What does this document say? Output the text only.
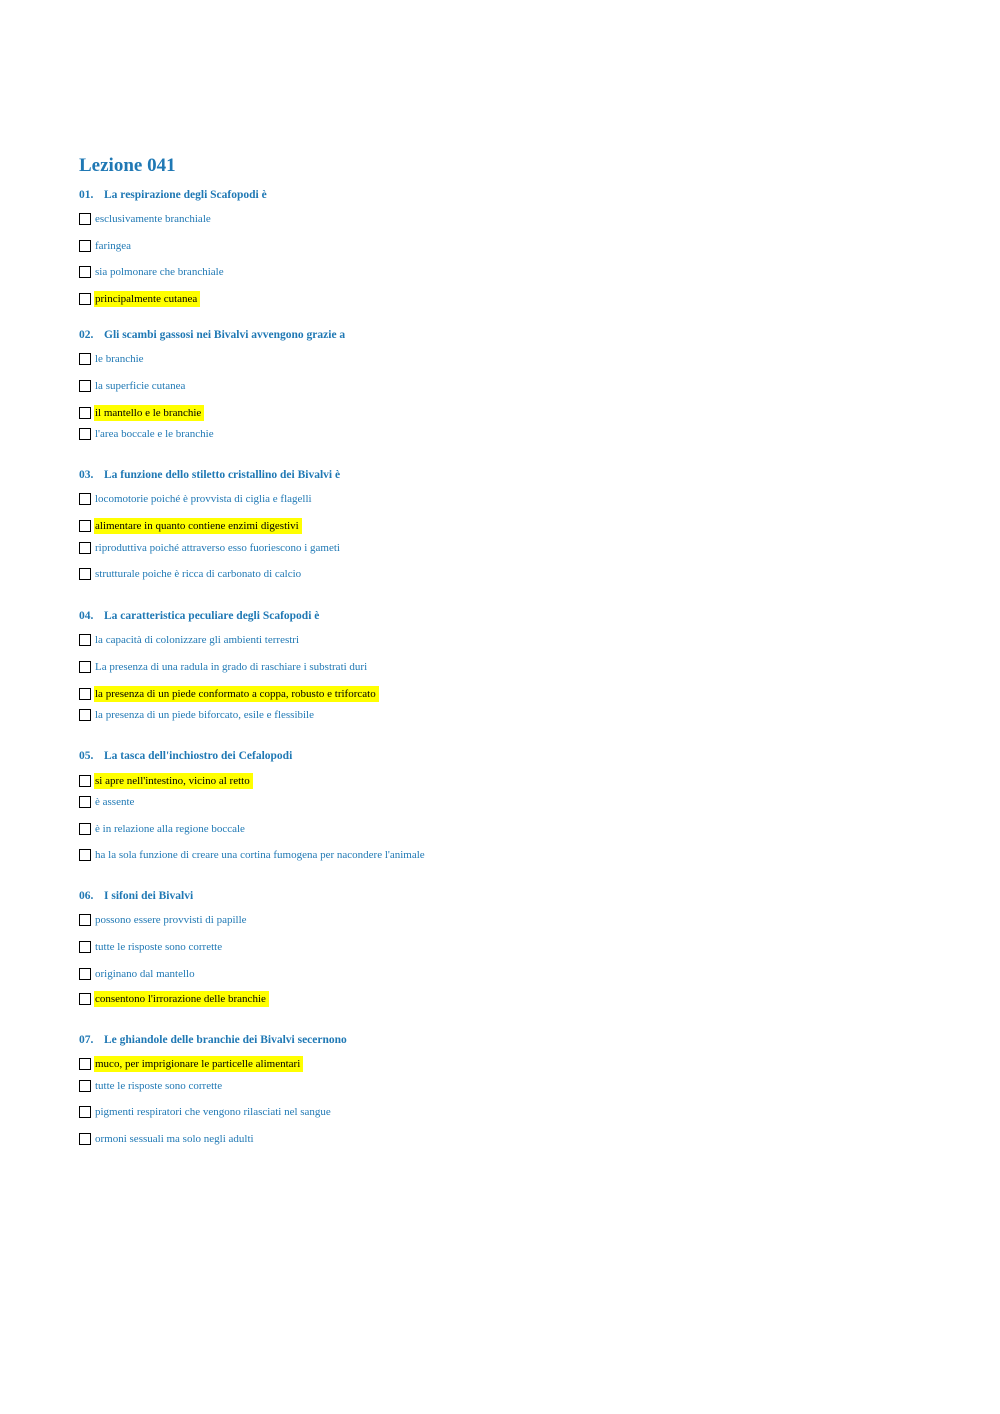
Lezione 041
01. La respirazione degli Scafopodi è
esclusivamente branchiale
faringea
sia polmonare che branchiale
principalmente cutanea
02. Gli scambi gassosi nei Bivalvi avvengono grazie a
le branchie
la superficie cutanea
il mantello e le branchie
l'area boccale e le branchie
03. La funzione dello stiletto cristallino dei Bivalvi è
locomotorie poiché è provvista di ciglia e flagelli
alimentare in quanto contiene enzimi digestivi
riproduttiva poiché attraverso esso fuoriescono i gameti
strutturale poiche è ricca di carbonato di calcio
04. La caratteristica peculiare degli Scafopodi è
la capacità di colonizzare gli ambienti terrestri
La presenza di una radula in grado di raschiare i substrati duri
la presenza di un piede conformato a coppa, robusto e triforcato
la presenza di un piede biforcato, esile e flessibile
05. La tasca dell'inchiostro dei Cefalopodi
si apre nell'intestino, vicino al retto
è assente
è in relazione alla regione boccale
ha la sola funzione di creare una cortina fumogena per nacondere l'animale
06. I sifoni dei Bivalvi
possono essere provvisti di papille
tutte le risposte sono corrette
originano dal mantello
consentono l'irrorazione delle branchie
07. Le ghiandole delle branchie dei Bivalvi secernono
muco, per imprigionare le particelle alimentari
tutte le risposte sono corrette
pigmenti respiratori che vengono rilasciati nel sangue
ormoni sessuali ma solo negli adulti
